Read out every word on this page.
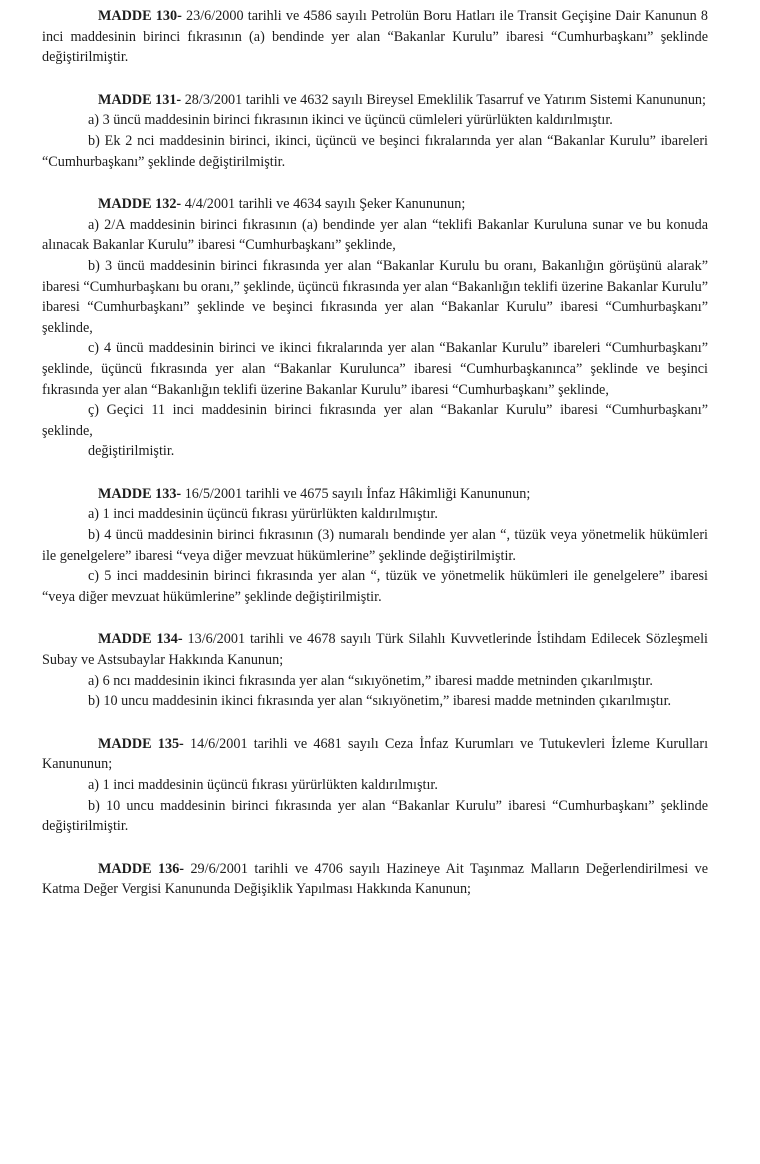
MADDE 130- 23/6/2000 tarihli ve 4586 sayılı Petrolün Boru Hatları ile Transit Geçişine Dair Kanunun 8 inci maddesinin birinci fıkrasının (a) bendinde yer alan “Bakanlar Kurulu” ibaresi “Cumhurbaşkanı” şeklinde değiştirilmiştir.

MADDE 131- 28/3/2001 tarihli ve 4632 sayılı Bireysel Emeklilik Tasarruf ve Yatırım Sistemi Kanununun;

a) 3 üncü maddesinin birinci fıkrasının ikinci ve üçüncü cümleleri yürürlükten kaldırılmıştır.

b) Ek 2 nci maddesinin birinci, ikinci, üçüncü ve beşinci fıkralarında yer alan “Bakanlar Kurulu” ibareleri “Cumhurbaşkanı” şeklinde değiştirilmiştir.

MADDE 132- 4/4/2001 tarihli ve 4634 sayılı Şeker Kanununun;

a) 2/A maddesinin birinci fıkrasının (a) bendinde yer alan “teklifi Bakanlar Kuruluna sunar ve bu konuda alınacak Bakanlar Kurulu” ibaresi “Cumhurbaşkanı” şeklinde,

b) 3 üncü maddesinin birinci fıkrasında yer alan “Bakanlar Kurulu bu oranı, Bakanlığın görüşünü alarak” ibaresi “Cumhurbaşkanı bu oranı,” şeklinde, üçüncü fıkrasında yer alan “Bakanlığın teklifi üzerine Bakanlar Kurulu” ibaresi “Cumhurbaşkanı” şeklinde ve beşinci fıkrasında yer alan “Bakanlar Kurulu” ibaresi “Cumhurbaşkanı” şeklinde,

c) 4 üncü maddesinin birinci ve ikinci fıkralarında yer alan “Bakanlar Kurulu” ibareleri “Cumhurbaşkanı” şeklinde, üçüncü fıkrasında yer alan “Bakanlar Kurulunca” ibaresi “Cumhurbaşkanınca” şeklinde ve beşinci fıkrasında yer alan “Bakanlığın teklifi üzerine Bakanlar Kurulu” ibaresi “Cumhurbaşkanı” şeklinde,

ç) Geçici 11 inci maddesinin birinci fıkrasında yer alan “Bakanlar Kurulu” ibaresi “Cumhurbaşkanı” şeklinde,

değiştirilmiştir.

MADDE 133- 16/5/2001 tarihli ve 4675 sayılı İnfaz Hâkimliği Kanununun;

a) 1 inci maddesinin üçüncü fıkrası yürürlükten kaldırılmıştır.

b) 4 üncü maddesinin birinci fıkrasının (3) numaralı bendinde yer alan “, tüzük veya yönetmelik hükümleri ile genelgelere” ibaresi “veya diğer mevzuat hükümlerine” şeklinde değiştirilmiştir.

c) 5 inci maddesinin birinci fıkrasında yer alan “, tüzük ve yönetmelik hükümleri ile genelgelere” ibaresi “veya diğer mevzuat hükümlerine” şeklinde değiştirilmiştir.

MADDE 134- 13/6/2001 tarihli ve 4678 sayılı Türk Silahlı Kuvvetlerinde İstihdam Edilecek Sözleşmeli Subay ve Astsubaylar Hakkında Kanunun;

a) 6 ncı maddesinin ikinci fıkrasında yer alan “sıkıyönetim,” ibaresi madde metninden çıkarılmıştır.

b) 10 uncu maddesinin ikinci fıkrasında yer alan “sıkıyönetim,” ibaresi madde metninden çıkarılmıştır.

MADDE 135- 14/6/2001 tarihli ve 4681 sayılı Ceza İnfaz Kurumları ve Tutukevleri İzleme Kurulları Kanununun;

a) 1 inci maddesinin üçüncü fıkrası yürürlükten kaldırılmıştır.

b) 10 uncu maddesinin birinci fıkrasında yer alan “Bakanlar Kurulu” ibaresi “Cumhurbaşkanı” şeklinde değiştirilmiştir.

MADDE 136- 29/6/2001 tarihli ve 4706 sayılı Hazineye Ait Taşınmaz Malların Değerlendirilmesi ve Katma Değer Vergisi Kanununda Değişiklik Yapılması Hakkında Kanunun;
